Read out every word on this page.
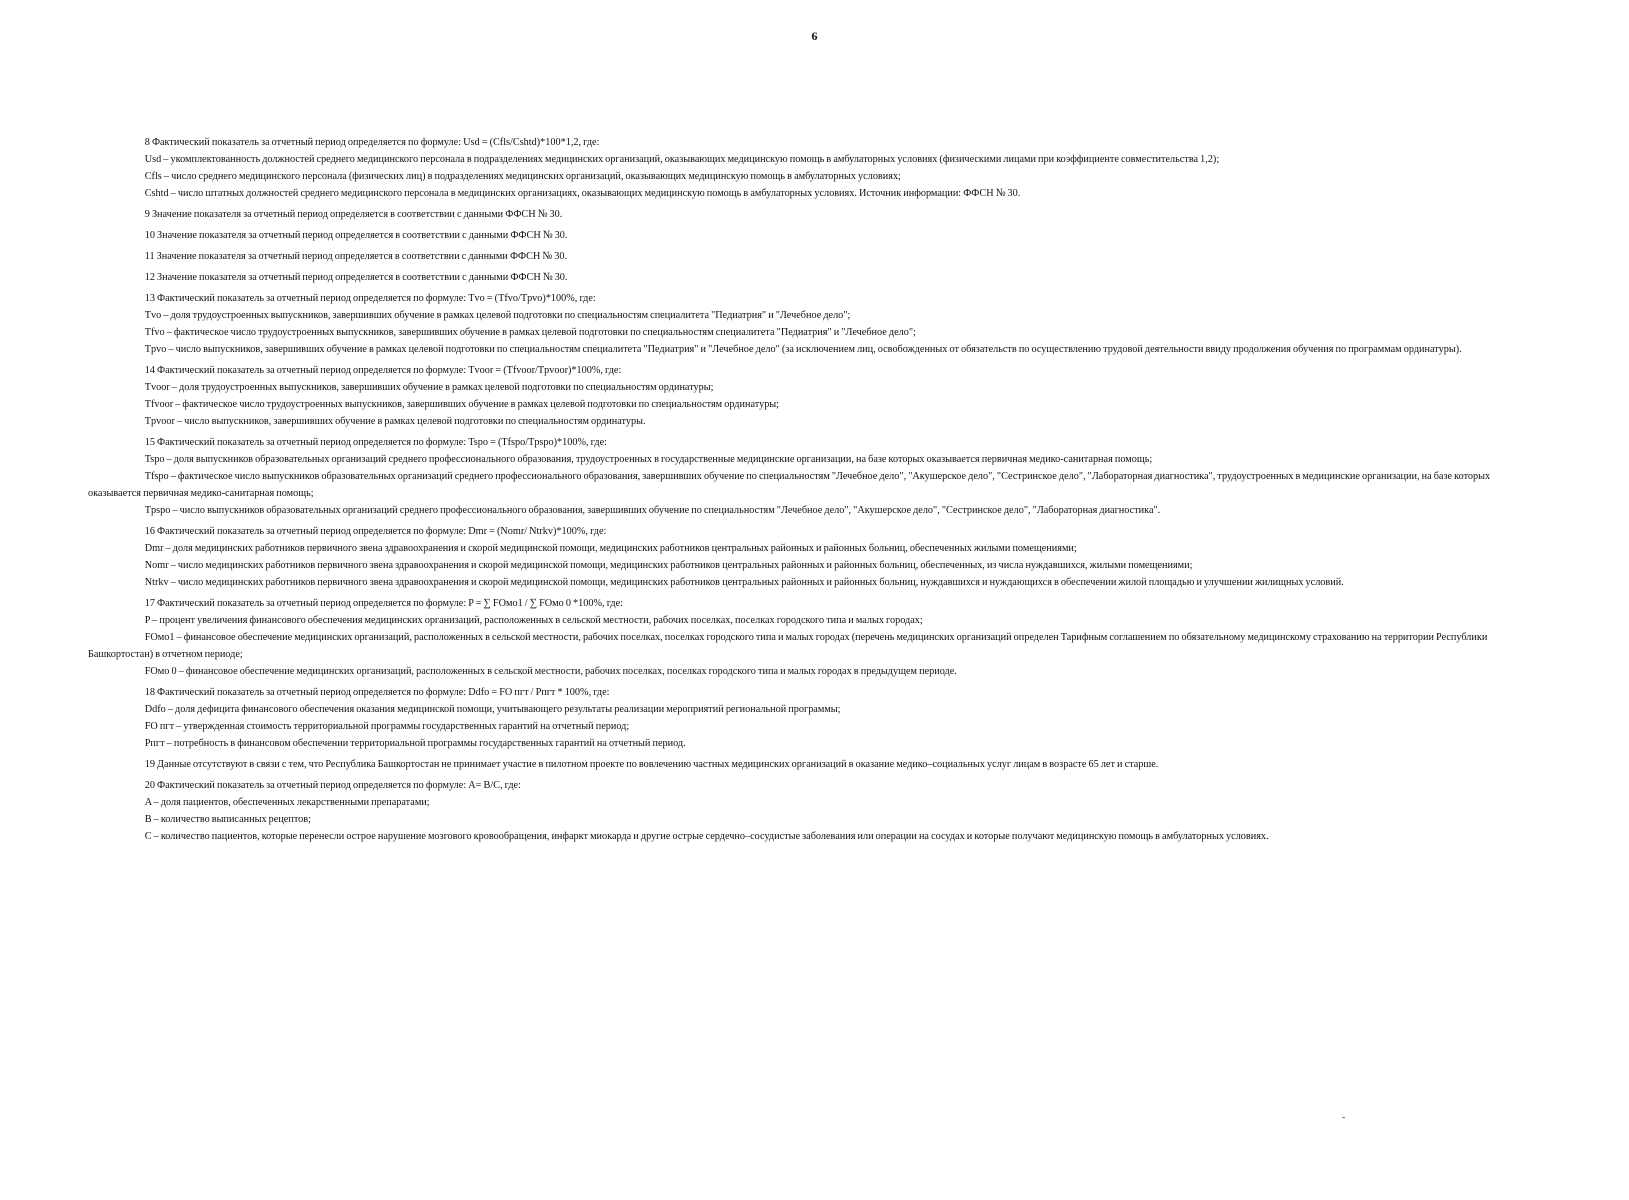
6
8 Фактический показатель за отчетный период определяется по формуле: Usd = (Cfls/Cshtd)*100*1,2, где:
Usd – укомплектованность должностей среднего медицинского персонала в подразделениях медицинских организаций, оказывающих медицинскую помощь в амбулаторных условиях (физическими лицами при коэффициенте совместительства 1,2);
Cfls – число среднего медицинского персонала (физических лиц) в подразделениях медицинских организаций, оказывающих медицинскую помощь в амбулаторных условиях;
Cshtd – число штатных должностей среднего медицинского персонала в медицинских организациях, оказывающих медицинскую помощь в амбулаторных условиях. Источник информации: ФФСН № 30.
9 Значение показателя за отчетный период определяется в соответствии с данными ФФСН № 30.
10 Значение показателя за отчетный период определяется в соответствии с данными ФФСН № 30.
11 Значение показателя за отчетный период определяется в соответствии с данными ФФСН № 30.
12 Значение показателя за отчетный период определяется в соответствии с данными ФФСН № 30.
13 Фактический показатель за отчетный период определяется по формуле: Tvo = (Tfvo/Tpvo)*100%, где:
Tvo – доля трудоустроенных выпускников, завершивших обучение в рамках целевой подготовки по специальностям специалитета "Педиатрия" и "Лечебное дело";
Tfvo – фактическое число трудоустроенных выпускников, завершивших обучение в рамках целевой подготовки по специальностям специалитета "Педиатрия" и "Лечебное дело";
Tpvo – число выпускников, завершивших обучение в рамках целевой подготовки по специальностям специалитета "Педиатрия" и "Лечебное дело" (за исключением лиц, освобожденных от обязательств по осуществлению трудовой деятельности ввиду продолжения обучения по программам ординатуры).
14 Фактический показатель за отчетный период определяется по формуле: Tvoor = (Tfvoor/Tpvoor)*100%, где:
Tvoor – доля трудоустроенных выпускников, завершивших обучение в рамках целевой подготовки по специальностям ординатуры;
Tfvoor – фактическое число трудоустроенных выпускников, завершивших обучение в рамках целевой подготовки по специальностям ординатуры;
Tpvoor – число выпускников, завершивших обучение в рамках целевой подготовки по специальностям ординатуры.
15 Фактический показатель за отчетный период определяется по формуле: Tspo = (Tfspo/Tpspo)*100%, где:
Tspo – доля выпускников образовательных организаций среднего профессионального образования, трудоустроенных в государственные медицинские организации, на базе которых оказывается первичная медико-санитарная помощь;
Tfspo – фактическое число выпускников образовательных организаций среднего профессионального образования, завершивших обучение по специальностям "Лечебное дело", "Акушерское дело", "Сестринское дело", "Лабораторная диагностика", трудоустроенных в медицинские организации, на базе которых оказывается первичная медико-санитарная помощь;
Tpspo – число выпускников образовательных организаций среднего профессионального образования, завершивших обучение по специальностям "Лечебное дело", "Акушерское дело", "Сестринское дело", "Лабораторная диагностика".
16 Фактический показатель за отчетный период определяется по формуле: Dmr = (Nomr/ Ntrkv)*100%, где:
Dmr – доля медицинских работников первичного звена здравоохранения и скорой медицинской помощи, медицинских работников центральных районных и районных больниц, обеспеченных жилыми помещениями;
Nomr – число медицинских работников первичного звена здравоохранения и скорой медицинской помощи, медицинских работников центральных районных и районных больниц, обеспеченных, из числа нуждавшихся, жилыми помещениями;
Ntrkv – число медицинских работников первичного звена здравоохранения и скорой медицинской помощи, медицинских работников центральных районных и районных больниц, нуждавшихся и нуждающихся в обеспечении жилой площадью и улучшении жилищных условий.
17 Фактический показатель за отчетный период определяется по формуле: P = ∑ FOмо1 / ∑ FOмо 0 *100%, где:
P – процент увеличения финансового обеспечения медицинских организаций, расположенных в сельской местности, рабочих поселках, поселках городского типа и малых городах;
FOмо1 – финансовое обеспечение медицинских организаций, расположенных в сельской местности, рабочих поселках, поселках городского типа и малых городах (перечень медицинских организаций определен Тарифным соглашением по обязательному медицинскому страхованию на территории Республики Башкортостан) в отчетном периоде;
FOмо 0 – финансовое обеспечение медицинских организаций, расположенных в сельской местности, рабочих поселках, поселках городского типа и малых городах в предыдущем периоде.
18 Фактический показатель за отчетный период определяется по формуле: Ddfo = FO пгт / Pпгт * 100%, где:
Ddfo – доля дефицита финансового обеспечения оказания медицинской помощи, учитывающего результаты реализации мероприятий региональной программы;
FO пгт – утвержденная стоимость территориальной программы государственных гарантий на отчетный период;
Pпгт – потребность в финансовом обеспечении территориальной программы государственных гарантий на отчетный период.
19 Данные отсутствуют в связи с тем, что Республика Башкортостан не принимает участие в пилотном проекте по вовлечению частных медицинских организаций в оказание медико–социальных услуг лицам в возрасте 65 лет и старше.
20 Фактический показатель за отчетный период определяется по формуле: A= B/C, где:
A – доля пациентов, обеспеченных лекарственными препаратами;
B – количество выписанных рецептов;
C – количество пациентов, которые перенесли острое нарушение мозгового кровообращения, инфаркт миокарда и другие острые сердечно–сосудистые заболевания или операции на сосудах и которые получают медицинскую помощь в амбулаторных условиях.
-
